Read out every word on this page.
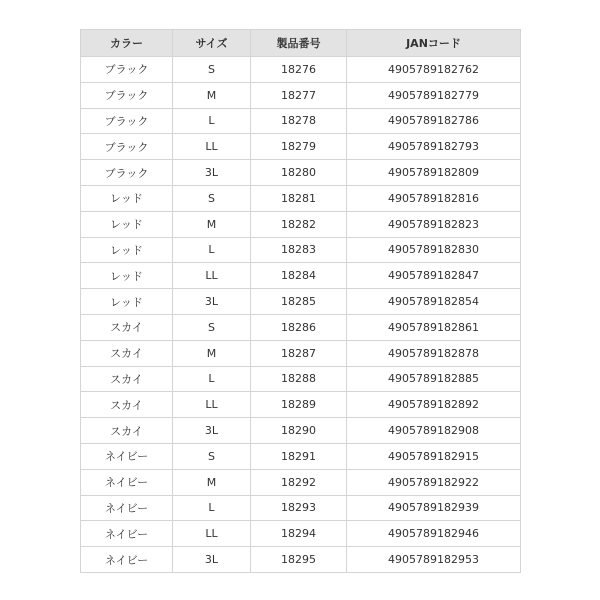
カラー	サイズ	製品番号	JANコード
ブラック	S	18276	4905789182762
ブラック	M	18277	4905789182779
ブラック	L	18278	4905789182786
ブラック	LL	18279	4905789182793
ブラック	3L	18280	4905789182809
レッド	S	18281	4905789182816
レッド	M	18282	4905789182823
レッド	L	18283	4905789182830
レッド	LL	18284	4905789182847
レッド	3L	18285	4905789182854
スカイ	S	18286	4905789182861
スカイ	M	18287	4905789182878
スカイ	L	18288	4905789182885
スカイ	LL	18289	4905789182892
スカイ	3L	18290	4905789182908
ネイビー	S	18291	4905789182915
ネイビー	M	18292	4905789182922
ネイビー	L	18293	4905789182939
ネイビー	LL	18294	4905789182946
ネイビー	3L	18295	4905789182953
